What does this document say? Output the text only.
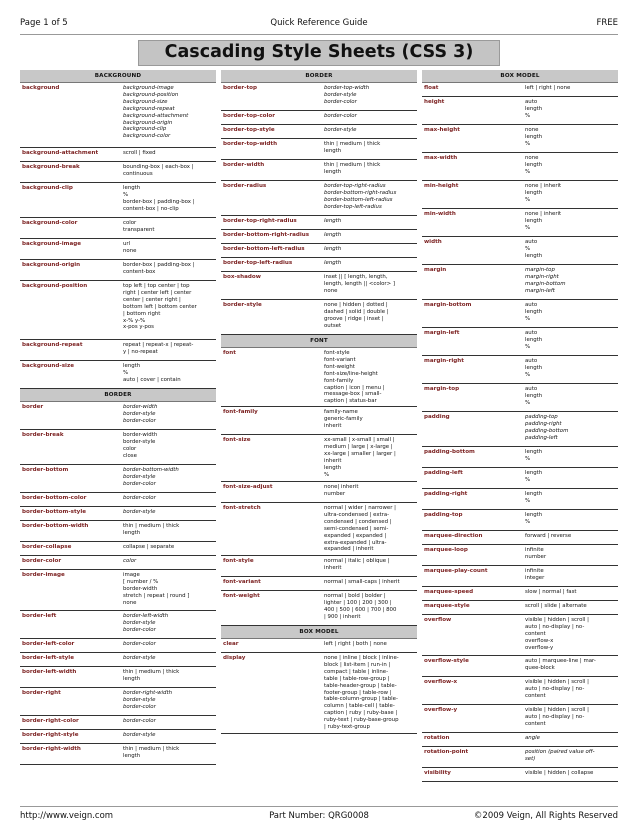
Page 1 of 5	Quick Reference Guide	FREE
Cascading Style Sheets (CSS 3)
BACKGROUND
background	background-image
background-position
background-size
background-repeat
background-attachment
background-origin
background-clip
background-color
background-attachment	scroll | fixed
background-break	bounding-box | each-box |
continuous
background-clip	length
%
border-box | padding-box |
content-box | no-clip
background-color	color
transparent
background-image	url
none
background-origin	border-box | padding-box |
content-box
background-position	top left | top center | top
right | center left | center
center | center right |
bottom left | bottom center
| bottom right
x-% y-%
x-pos y-pos
background-repeat	repeat | repeat-x | repeat-
y | no-repeat
background-size	length
%
auto | cover | contain
BORDER
border	border-width
border-style
border-color
border-break	border-width
border-style
color
close
border-bottom	border-bottom-width
border-style
border-color
border-bottom-color	border-color
border-bottom-style	border-style
border-bottom-width	thin | medium | thick
length
border-collapse	collapse | separate
border-color	color
border-image	image
[ number / %
border-width
stretch | repeat | round ]
none
border-left	border-left-width
border-style
border-color
border-left-color	border-color
border-left-style	border-style
border-left-width	thin | medium | thick
length
border-right	border-right-width
border-style
border-color
border-right-color	border-color
border-right-style	border-style
border-right-width	thin | medium | thick
length
BORDER
border-top	border-top-width
border-style
border-color
border-top-color	border-color
border-top-style	border-style
border-top-width	thin | medium | thick
length
border-width	thin | medium | thick
length
border-radius	border-top-right-radius
border-bottom-right-radius
border-bottom-left-radius
border-top-left-radius
border-top-right-radius	length
border-bottom-right-radius	length
border-bottom-left-radius	length
border-top-left-radius	length
box-shadow	inset || [ length, length,
length, length || <color> ]
none
border-style	none | hidden | dotted |
dashed | solid | double |
groove | ridge | inset |
outset
FONT
font	font-style
font-variant
font-weight
font-size/line-height
font-family
caption | icon | menu |
message-box | small-
caption | status-bar
font-family	family-name
generic-family
inherit
font-size	xx-small | x-small | small |
medium | large | x-large |
xx-large | smaller | larger |
inherit
length
%
font-size-adjust	none| inherit
number
font-stretch	normal | wider | narrower |
ultra-condensed | extra-
condensed | condensed |
semi-condensed | semi-
expanded | expanded |
extra-expanded | ultra-
expanded | inherit
font-style	normal | italic | oblique |
inherit
font-variant	normal | small-caps | inherit
font-weight	normal | bold | bolder |
lighter | 100 | 200 | 300 |
400 | 500 | 600 | 700 | 800
| 900 | inherit
BOX MODEL
clear	left | right | both | none
display	none | inline | block | inline-
block | list-item | run-in |
compact | table | inline-
table | table-row-group |
table-header-group | table-
footer-group | table-row |
table-column-group | table-
column | table-cell | table-
caption | ruby | ruby-base |
ruby-text | ruby-base-group
| ruby-text-group
BOX MODEL
float	left | right | none
height	auto
length
%
max-height	none
length
%
max-width	none
length
%
min-height	none | inherit
length
%
min-width	none | inherit
length
%
width	auto
%
length
margin	margin-top
margin-right
margin-bottom
margin-left
margin-bottom	auto
length
%
margin-left	auto
length
%
margin-right	auto
length
%
margin-top	auto
length
%
padding	padding-top
padding-right
padding-bottom
padding-left
padding-bottom	length
%
padding-left	length
%
padding-right	length
%
padding-top	length
%
marquee-direction	forward | reverse
marquee-loop	infinite
number
marquee-play-count	infinite
integer
marquee-speed	slow | normal | fast
marquee-style	scroll | slide | alternate
overflow	visible | hidden | scroll |
auto | no-display | no-
content
overflow-x
overflow-y
overflow-style	auto | marquee-line | mar-
quee-block
overflow-x	visible | hidden | scroll |
auto | no-display | no-
content
overflow-y	visible | hidden | scroll |
auto | no-display | no-
content
rotation	angle
rotation-point	position (paired value off-
set)
visibility	visible | hidden | collapse
http://www.veign.com	Part Number: QRG0008	©2009 Veign, All Rights Reserved
